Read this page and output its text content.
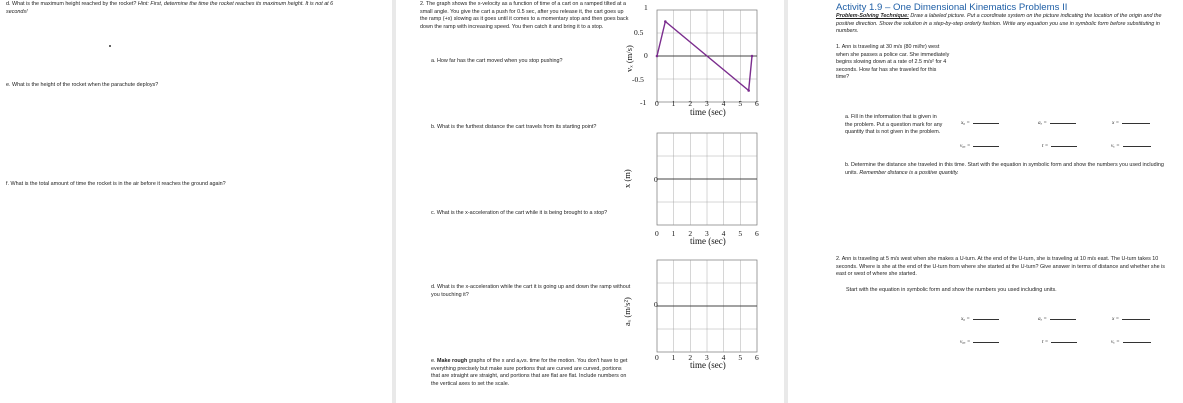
d. What is the maximum height reached by the rocket? Hint: First, determine the time the rocket reaches its maximum height. It is not at 6 seconds!

e. What is the height of the rocket when the parachute deploys?

f. What is the total amount of time the rocket is in the air before it reaches the ground again?

2. The graph shows the x-velocity as a function of time of a cart on a ramped tilted at a small angle. You give the cart a push for 0.5 sec, after you release it, the cart goes up the ramp (+x) slowing as it goes until it comes to a momentary stop and then goes back down the ramp with increasing speed. You then catch it and bring it to a stop.

a. How far has the cart moved when you stop pushing?

b. What is the furthest distance the cart travels from its starting point?

c. What is the x-acceleration of the cart while it is being brought to a stop?

d. What is the x-acceleration while the cart it is going up and down the ramp without you touching it?

e. Make rough graphs of the x and aₓvs. time for the motion. You don't have to get everything precisely but make sure portions that are curved are curved, portions that are straight are straight, and portions that are flat are flat. Include numbers on the vertical axes to set the scale.

1
0.5
0
-0.5
-1
vₓ (m/s)
0 1 2 3 4 5 6
time (sec)
0
x (m)
0 1 2 3 4 5 6
time (sec)
0
aₓ (m/s²)
0 1 2 3 4 5 6
time (sec)
Activity 1.9 – One Dimensional Kinematics Problems II

Problem-Solving Technique: Draw a labeled picture. Put a coordinate system on the picture indicating the location of the origin and the positive direction. Show the solution in a step-by-step orderly fashion. Write any equation you use in symbolic form before substituting in numbers.

1. Ann is traveling at 30 m/s (80 mi/hr) west when she passes a police car. She immediately begins slowing down at a rate of 2.5 m/s² for 4 seconds. How far has she traveled for this time?

a. Fill in the information that is given in the problem. Put a question mark for any quantity that is not given in the problem.

x₀ =	aₓ =	x =
v₀ₓ =	t =	vₓ =

b. Determine the distance she traveled in this time. Start with the equation in symbolic form and show the numbers you used including units. Remember distance is a positive quantity.

2. Ann is traveling at 5 m/s west when she makes a U-turn. At the end of the U-turn, she is traveling at 10 m/s east. The U-turn takes 10 seconds. Where is she at the end of the U-turn from where she started at the U-turn? Give answer in terms of distance and whether she is east or west of where she started.

Start with the equation in symbolic form and show the numbers you used including units.

x₀ =	aₓ =	x =
v₀ₓ =	t =	vₓ =
